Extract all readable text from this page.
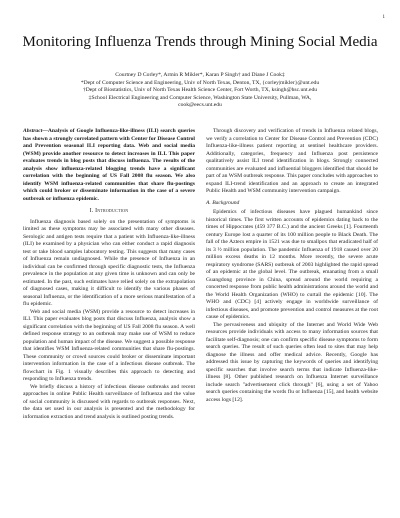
1
Monitoring Influenza Trends through Mining Social Media
Courtney D Corley*, Armin R Mikler*, Karan P Singh† and Diane J Cook‡
*Dept of Computer Science and Engineering, Univ of North Texas, Denton, TX, {corley|mikler}@unt.edu
†Dept of Biostatistics, Univ of North Texas Health Science Center, Fort Worth, TX, ksingh@hsc.unt.edu
‡School Electrical Engineering and Computer Science, Washington State University, Pullman, WA,
cook@eecs.unt.edu
Abstract—Analysis of Google Influenza-like-illness (ILI) search queries has shown a strongly correlated pattern with Center for Disease Control and Prevention seasonal ILI reporting data. Web and social media (WSM) provide another resource to detect increases in ILI. This paper evaluates trends in blog posts that discuss influenza. The results of the analysis show influenza-related blogging trends have a significant correlation with the beginning of US Fall 2008 flu season. We also identify WSM influenza-related communities that share flu-postings which could broker or disseminate information in the case of a severe outbreak or influenza epidemic.
I. Introduction

Influenza diagnosis based solely on the presentation of symptoms is limited as these symptoms may be associated with many other diseases. Serologic and antigen tests require that a patient with Influenza-like-illness (ILI) be examined by a physician who can either conduct a rapid diagnosis test or take blood samples laboratory testing. This suggests that many cases of Influenza remain undiagnosed. While the presence of Influenza in an individual can be confirmed through specific diagnostic tests, the Influenza prevalence in the population at any given time is unknown and can only be estimated. In the past, such estimates have relied solely on the extrapolation of diagnosed cases, making it difficult to identify the various phases of seasonal Influenza, or the identification of a more serious manifestation of a flu epidemic.

Web and social media (WSM) provide a resource to detect increases in ILI. This paper evaluates blog posts that discuss Influenza, analysis show a significant correlation with the beginning of US Fall 2008 flu season. A well defined response strategy to an outbreak may make use of WSM to reduce population and human impact of the disease. We suggest a possible response that identifies WSM Influenza-related communities that share flu-postings. These community or crowd sources could broker or disseminate important intervention information in the case of a infectious disease outbreak. The flowchart in Fig. 1 visually describes this approach to detecting and responding to Influenza trends.

We briefly discuss a history of infectious disease outbreaks and recent approaches in online Public Health surveillance of Influenza and the value of social community is discussed with regards to outbreak responses. Next, the data set used in our analysis is presented and the methodology for information extraction and trend analysis is outlined posting trends.

Through discovery and verification of trends in Influenza related blogs, we verify a correlation to Center for Disease Control and Prevention (CDC) Influenza-like-illness patient reporting at sentinel healthcare providers. Additionally, categories, frequency and Influenza post persistence qualitatively assist ILI trend identification in blogs. Strongly connected communities are evaluated and influential bloggers identified that should be part of an WSM outbreak response. This paper concludes with approaches to expand ILI-trend identification and an approach to create an integrated Public Health and WSM community intervention campaign.

A. Background

Epidemics of infectious diseases have plagued humankind since historical times. The first written accounts of epidemics dating back to the times of Hippocrates (459 377 B.C.) and the ancient Greeks [1]. Fourteenth century Europe lost a quarter of its 100 million people to Black Death. The fall of the Aztecs empire in 1521 was due to smallpox that eradicated half of its 3 ½ million population. The pandemic Influenza of 1918 caused over 20 million excess deaths in 12 months. More recently, the severe acute respiratory syndrome (SARS) outbreak of 2003 highlighted the rapid spread of an epidemic at the global level. The outbreak, emanating from a small Guangdong province in China, spread around the world requiring a concerted response from public health administrations around the world and the World Health Organization (WHO) to curtail the epidemic [10]. The WHO and (CDC) [4] actively engage in worldwide surveillance of infectious diseases, and promote prevention and control measures at the root cause of epidemics.

The pervasiveness and ubiquity of the Internet and World Wide Web resources provide individuals with access to many information sources that facilitate self-diagnosis; one can confirm specific disease symptoms to form search queries. The result of such queries often lead to sites that may help diagnose the illness and offer medical advice. Recently, Google has addressed this issue by capturing the keywords of queries and identifying specific searches that involve search terms that indicate Influenza-like-illness [8]. Other published research on Influenza Internet surveillance include search "advertisement click through" [6], using a set of Yahoo search queries containing the words flu or Influenza [15], and health website access logs [12].
